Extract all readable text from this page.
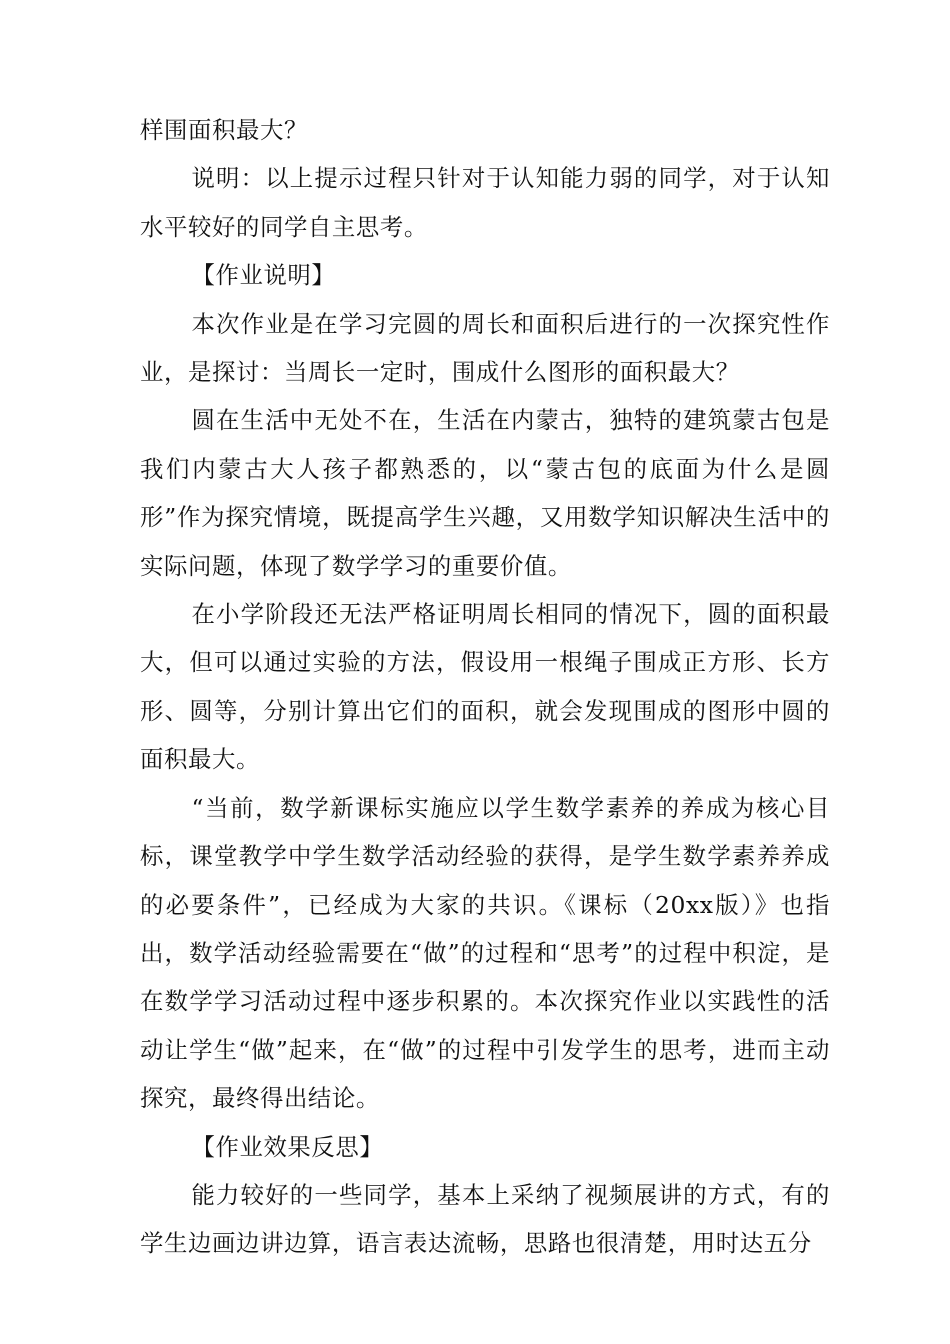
样围面积最大？

说明：以上提示过程只针对于认知能力弱的同学，对于认知水平较好的同学自主思考。

【作业说明】

本次作业是在学习完圆的周长和面积后进行的一次探究性作业，是探讨：当周长一定时，围成什么图形的面积最大？

圆在生活中无处不在，生活在内蒙古，独特的建筑蒙古包是我们内蒙古大人孩子都熟悉的，以“蒙古包的底面为什么是圆形”作为探究情境，既提高学生兴趣，又用数学知识解决生活中的实际问题，体现了数学学习的重要价值。

在小学阶段还无法严格证明周长相同的情况下，圆的面积最大，但可以通过实验的方法，假设用一根绳子围成正方形、长方形、圆等，分别计算出它们的面积，就会发现围成的图形中圆的面积最大。

“当前，数学新课标实施应以学生数学素养的养成为核心目标，课堂教学中学生数学活动经验的获得，是学生数学素养养成的必要条件”，已经成为大家的共识。《课标（20xx版）》也指出，数学活动经验需要在“做”的过程和“思考”的过程中积淀，是在数学学习活动过程中逐步积累的。本次探究作业以实践性的活动让学生“做”起来，在“做”的过程中引发学生的思考，进而主动探究，最终得出结论。

【作业效果反思】

能力较好的一些同学，基本上采纳了视频展讲的方式，有的学生边画边讲边算，语言表达流畅，思路也很清楚，用时达五分
